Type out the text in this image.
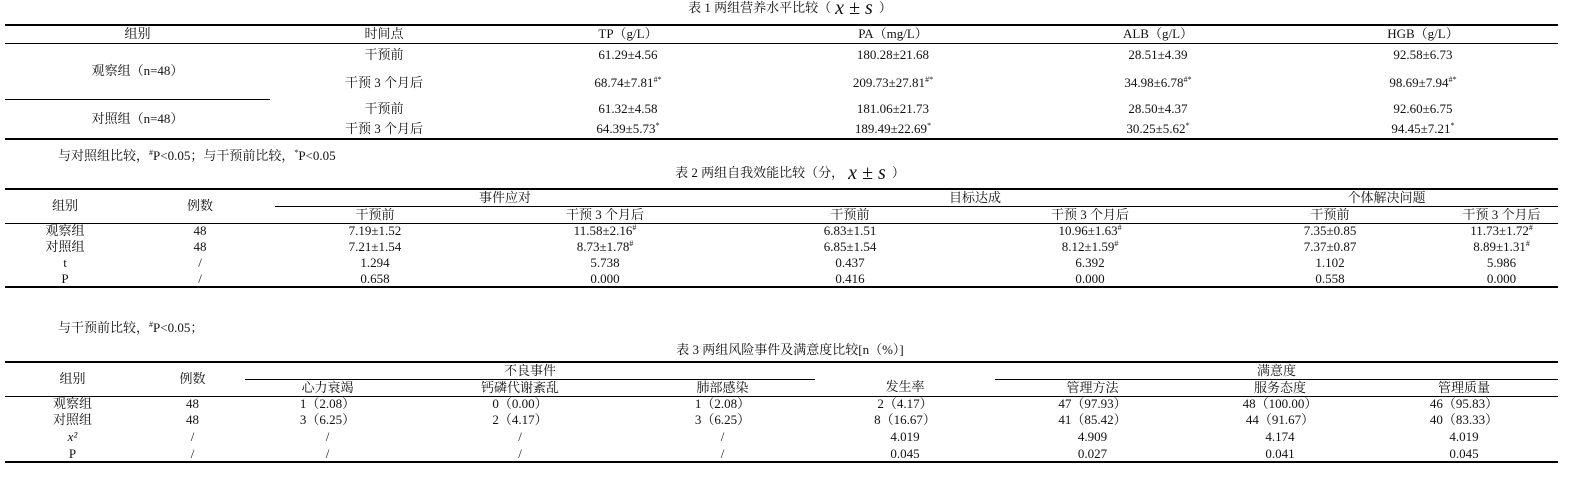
表 1 两组营养水平比较（ x ± s ）
组别	时间点	TP（g/L）	PA（mg/L）	ALB（g/L）	HGB（g/L）
观察组（n=48）	干预前	61.29±4.56	180.28±21.68	28.51±4.39	92.58±6.73
	干预 3 个月后	68.74±7.81#*	209.73±27.81#*	34.98±6.78#*	98.69±7.94#*
对照组（n=48）	干预前	61.32±4.58	181.06±21.73	28.50±4.37	92.60±6.75
	干预 3 个月后	64.39±5.73*	189.49±22.69*	30.25±5.62*	94.45±7.21*
与对照组比较，#P<0.05；与干预前比较，*P<0.05
表 2 两组自我效能比较（分， x ± s ）
组别	例数	事件应对		目标达成		个体解决问题	
		干预前	干预 3 个月后	干预前	干预 3 个月后	干预前	干预 3 个月后
观察组	48	7.19±1.52	11.58±2.16#	6.83±1.51	10.96±1.63#	7.35±0.85	11.73±1.72#
对照组	48	7.21±1.54	8.73±1.78#	6.85±1.54	8.12±1.59#	7.37±0.87	8.89±1.31#
t	/	1.294	5.738	0.437	6.392	1.102	5.986
P	/	0.658	0.000	0.416	0.000	0.558	0.000
与干预前比较，#P<0.05；
表 3 两组风险事件及满意度比较[n（%）]
组别	例数	不良事件				满意度		
		心力衰竭	钙磷代谢紊乱	肺部感染	发生率	管理方法	服务态度	管理质量
观察组	48	1（2.08）	0（0.00）	1（2.08）	2（4.17）	47（97.93）	48（100.00）	46（95.83）
对照组	48	3（6.25）	2（4.17）	3（6.25）	8（16.67）	41（85.42）	44（91.67）	40（83.33）
x²	/	/	/	/	4.019	4.909	4.174	4.019
P	/	/	/	/	0.045	0.027	0.041	0.045
